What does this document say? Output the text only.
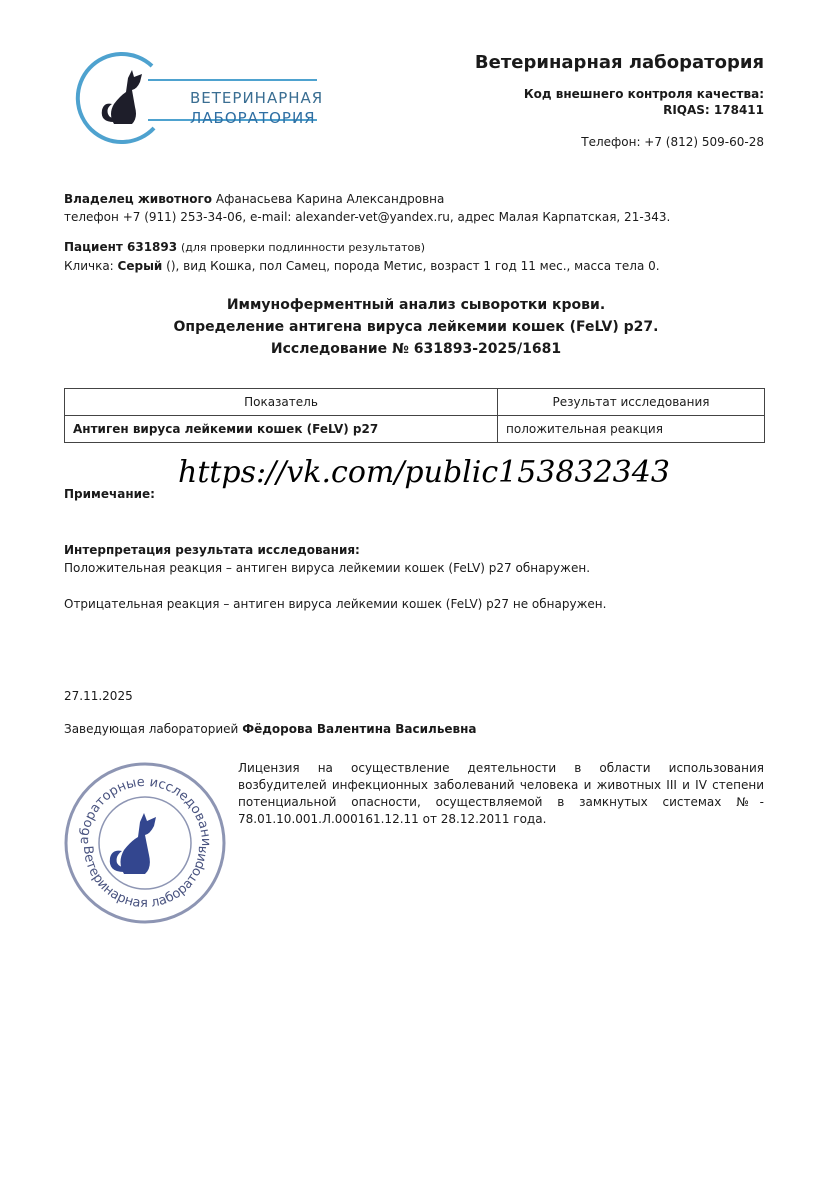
ВЕТЕРИНАРНАЯ
ЛАБОРАТОРИЯ
Ветеринарная лаборатория
Код внешнего контроля качества:
RIQAS: 178411
Телефон: +7 (812) 509-60-28
Владелец животного Афанасьева Карина Александровна
телефон +7 (911) 253-34-06, e-mail: alexander-vet@yandex.ru, адрес Малая Карпатская, 21-343.
Пациент 631893 (для проверки подлинности результатов)
Кличка: Серый (), вид Кошка, пол Самец, порода Метис, возраст 1 год 11 мес., масса тела 0.
Иммуноферментный анализ сыворотки крови.
Определение антигена вируса лейкемии кошек (FeLV) p27.
Исследование № 631893-2025/1681
Показатель	Результат исследования
Антиген вируса лейкемии кошек (FeLV) p27	положительная реакция
https://vk.com/public153832343
Примечание:
Интерпретация результата исследования:
Положительная реакция – антиген вируса лейкемии кошек (FeLV) p27 обнаружен.
Отрицательная реакция – антиген вируса лейкемии кошек (FeLV) p27 не обнаружен.
27.11.2025
Заведующая лабораторией Фёдорова Валентина Васильевна
абораторные исследовани
Ветеринарная лаборатория
Лицензия на осуществление деятельности в области использования возбудителей инфекционных заболеваний человека и животных III и IV степени потенциальной опасности, осуществляемой в замкнутых системах №- 78.01.10.001.Л.000161.12.11 от 28.12.2011 года.
